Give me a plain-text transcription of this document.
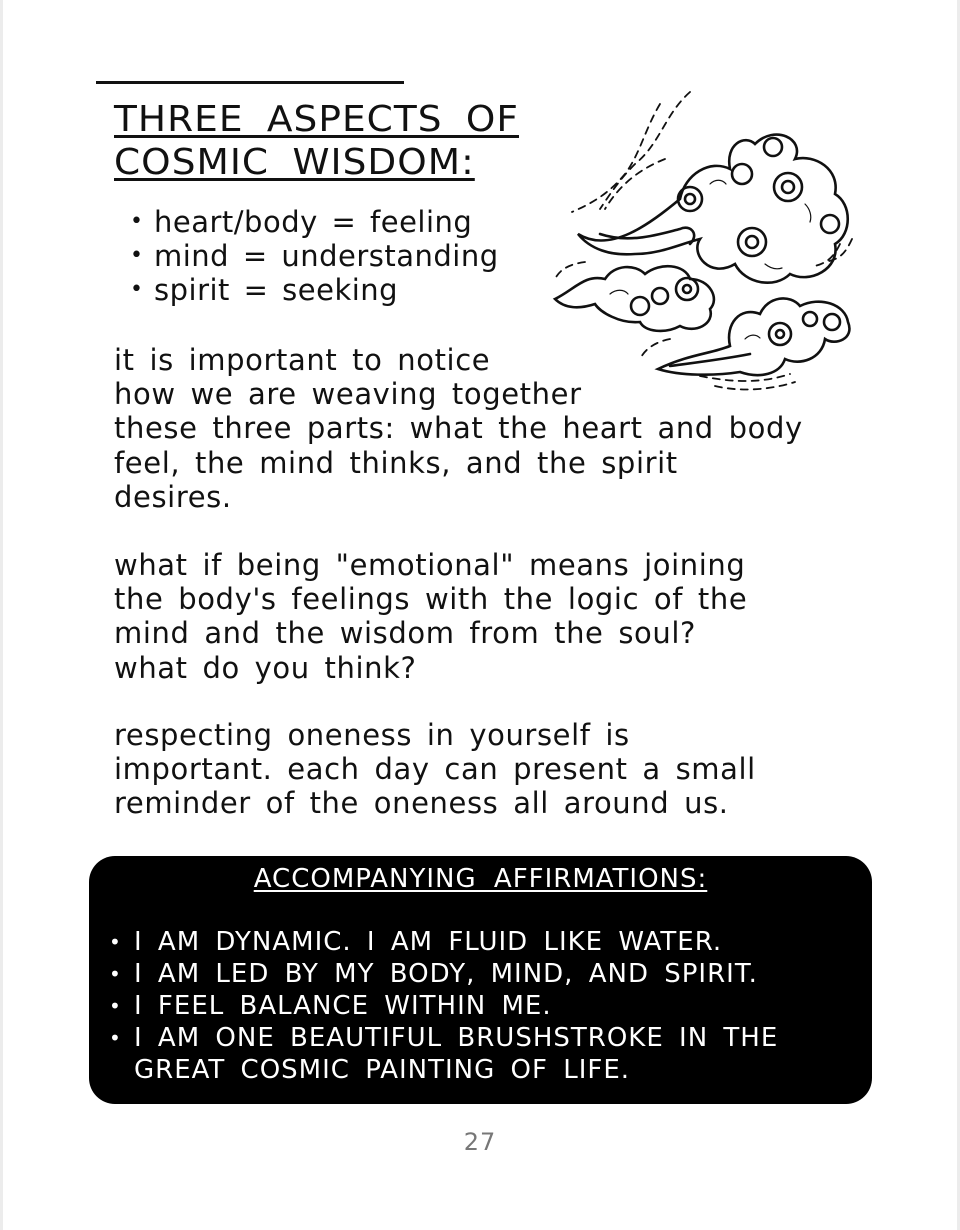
THREE ASPECTS OF
COSMIC WISDOM:
• heart/body = feeling
• mind = understanding
• spirit = seeking

it is important to notice
how we are weaving together
these three parts: what the heart and body
feel, the mind thinks, and the spirit
desires.

what if being "emotional" means joining
the body's feelings with the logic of the
mind and the wisdom from the soul?
what do you think?

respecting oneness in yourself is
important. each day can present a small
reminder of the oneness all around us.

ACCOMPANYING AFFIRMATIONS:
• I AM DYNAMIC. I AM FLUID LIKE WATER.
• I AM LED BY MY BODY, MIND, AND SPIRIT.
• I FEEL BALANCE WITHIN ME.
• I AM ONE BEAUTIFUL BRUSHSTROKE IN THE
GREAT COSMIC PAINTING OF LIFE.
27
